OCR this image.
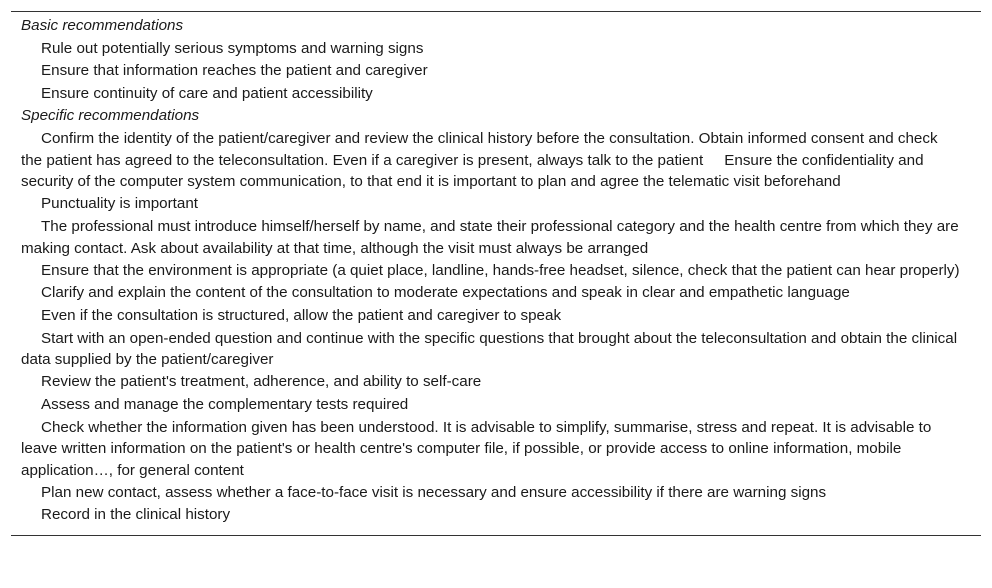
Basic recommendations
Rule out potentially serious symptoms and warning signs
Ensure that information reaches the patient and caregiver
Ensure continuity of care and patient accessibility
Specific recommendations
Confirm the identity of the patient/caregiver and review the clinical history before the consultation. Obtain informed consent and check the patient has agreed to the teleconsultation. Even if a caregiver is present, always talk to the patient     Ensure the confidentiality and security of the computer system communication, to that end it is important to plan and agree the telematic visit beforehand
Punctuality is important
The professional must introduce himself/herself by name, and state their professional category and the health centre from which they are making contact. Ask about availability at that time, although the visit must always be arranged
Ensure that the environment is appropriate (a quiet place, landline, hands-free headset, silence, check that the patient can hear properly)
Clarify and explain the content of the consultation to moderate expectations and speak in clear and empathetic language
Even if the consultation is structured, allow the patient and caregiver to speak
Start with an open-ended question and continue with the specific questions that brought about the teleconsultation and obtain the clinical data supplied by the patient/caregiver
Review the patient's treatment, adherence, and ability to self-care
Assess and manage the complementary tests required
Check whether the information given has been understood. It is advisable to simplify, summarise, stress and repeat. It is advisable to leave written information on the patient's or health centre's computer file, if possible, or provide access to online information, mobile application…, for general content
Plan new contact, assess whether a face-to-face visit is necessary and ensure accessibility if there are warning signs
Record in the clinical history
